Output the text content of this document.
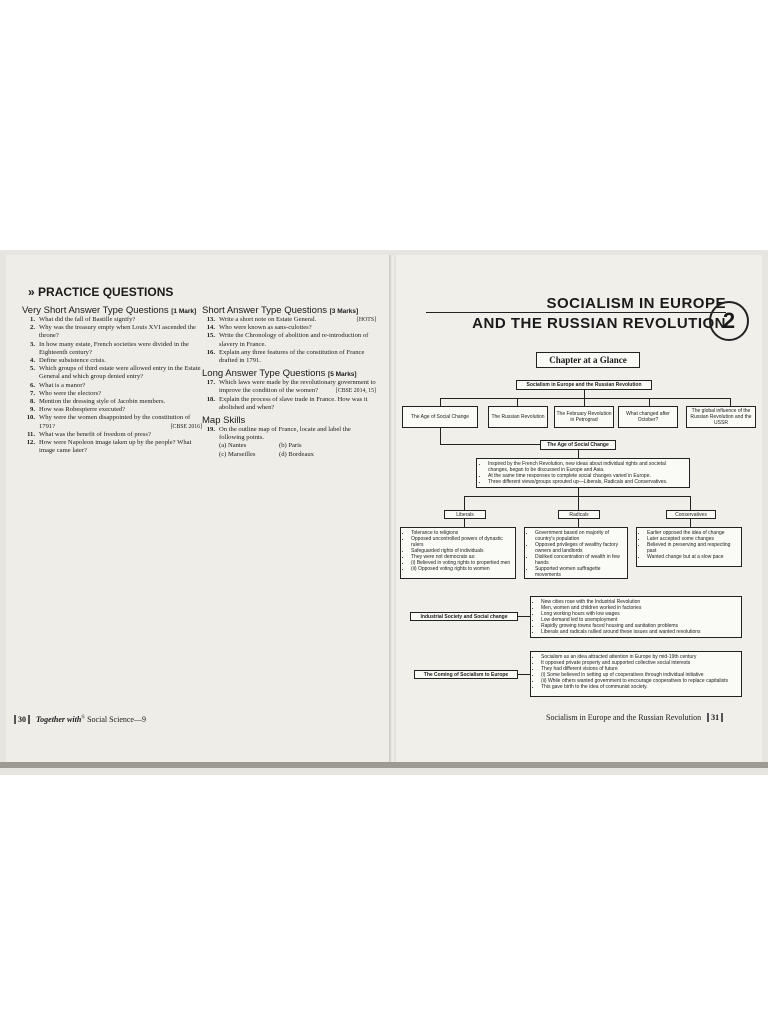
» PRACTICE QUESTIONS
Very Short Answer Type Questions [1 Mark]
1. What did the fall of Bastille signify?
2. Why was the treasury empty when Louis XVI ascended the throne?
3. In how many estate, French societies were divided in the Eighteenth century?
4. Define subsistence crisis.
5. Which groups of third estate were allowed entry in the Estate General and which group denied entry?
6. What is a manor?
7. Who were the electors?
8. Mention the dressing style of Jacobin members.
9. How was Robespierre executed?
10. Why were the women disappointed by the constitution of 1791?	[CBSE 2016]
11. What was the benefit of freedom of press?
12. How were Napoleon image taken up by the people? What image came later?
Short Answer Type Questions [3 Marks]
13. Write a short note on Estate General.	[HOTS]
14. Who were known as sans-culottes?
15. Write the Chronology of abolition and re-introduction of slavery in France.
16. Explain any three features of the constitution of France drafted in 1791.
Long Answer Type Questions [5 Marks]
17. Which laws were made by the revolutionary government to improve the condition of the women?	[CBSE 2014, 15]
18. Explain the process of slave trade in France. How was it abolished and when?
Map Skills
19. On the outline map of France, locate and label the following points.
(a) Nantes	(b) Paris
(c) Marseilles	(d) Bordeaux
30 Together with® Social Science—9
SOCIALISM IN EUROPE
AND THE RUSSIAN REVOLUTION
2
Chapter at a Glance
Socialism in Europe and the Russian Revolution
The Age of Social Change	The Russian Revolution	The February Revolution in Petrograd
What changed after October?
The global influence of the Russian Revolution and the USSR
The Age of Social Change
• Inspired by the French Revolution, new ideas about individual rights and societal changes, began to be discussed in Europe and Asia.
• At the same time responses to complete social changes varied in Europe.
• Three different views/groups sprouted up—Liberals, Radicals and Conservatives.
Liberals	Radicals	Conservatives
• Tolerance to religions
• Opposed uncontrolled powers of dynastic rulers
• Safeguarded rights of individuals
• They were not democrats as:
• (i) Believed in voting rights to propertied men
• (ii) Opposed voting rights to women
• Government based on majority of country's population
• Opposed privileges of wealthy factory owners and landlords
• Disliked concentration of wealth in few hands
• Supported women suffragette movements
• Earlier opposed the idea of change
• Later accepted some changes
• Believed in preserving and respecting past
• Wanted change but at a slow pace
Industrial Society and Social change
• New cities rose with the Industrial Revolution
• Men, women and children worked in factories
• Long working hours with low wages
• Low demand led to unemployment
• Rapidly growing towns faced housing and sanitation problems
• Liberals and radicals rallied around these issues and wanted revolutions
The Coming of Socialism to Europe
• Socialism as an idea attracted attention in Europe by mid-19th century
• It opposed private property and supported collective social interests
• They had different visions of future
• (i) Some believed in setting up of cooperatives through individual initiative
• (ii) While others wanted government to encourage cooperatives to replace capitalists
• This gave birth to the idea of communist society.
Socialism in Europe and the Russian Revolution 31
